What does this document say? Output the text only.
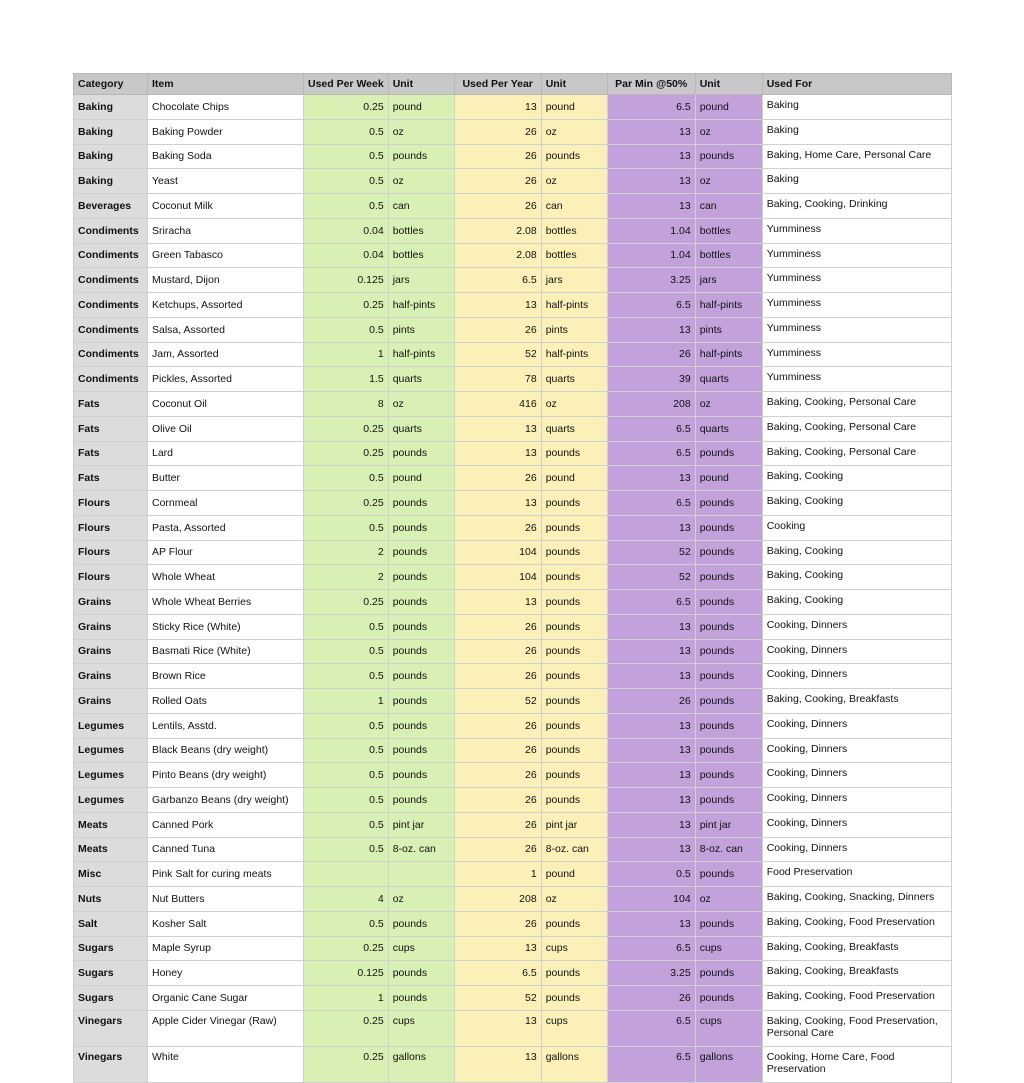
Category	Item	Used Per Week	Unit	Used Per Year	Unit	Par Min @50%	Unit	Used For
Baking	Chocolate Chips	0.25	pound	13	pound	6.5	pound	Baking
Baking	Baking Powder	0.5	oz	26	oz	13	oz	Baking
Baking	Baking Soda	0.5	pounds	26	pounds	13	pounds	Baking, Home Care, Personal Care
Baking	Yeast	0.5	oz	26	oz	13	oz	Baking
Beverages	Coconut Milk	0.5	can	26	can	13	can	Baking, Cooking, Drinking
Condiments	Sriracha	0.04	bottles	2.08	bottles	1.04	bottles	Yumminess
Condiments	Green Tabasco	0.04	bottles	2.08	bottles	1.04	bottles	Yumminess
Condiments	Mustard, Dijon	0.125	jars	6.5	jars	3.25	jars	Yumminess
Condiments	Ketchups, Assorted	0.25	half-pints	13	half-pints	6.5	half-pints	Yumminess
Condiments	Salsa, Assorted	0.5	pints	26	pints	13	pints	Yumminess
Condiments	Jam, Assorted	1	half-pints	52	half-pints	26	half-pints	Yumminess
Condiments	Pickles, Assorted	1.5	quarts	78	quarts	39	quarts	Yumminess
Fats	Coconut Oil	8	oz	416	oz	208	oz	Baking, Cooking, Personal Care
Fats	Olive Oil	0.25	quarts	13	quarts	6.5	quarts	Baking, Cooking, Personal Care
Fats	Lard	0.25	pounds	13	pounds	6.5	pounds	Baking, Cooking, Personal Care
Fats	Butter	0.5	pound	26	pound	13	pound	Baking, Cooking
Flours	Cornmeal	0.25	pounds	13	pounds	6.5	pounds	Baking, Cooking
Flours	Pasta, Assorted	0.5	pounds	26	pounds	13	pounds	Cooking
Flours	AP Flour	2	pounds	104	pounds	52	pounds	Baking, Cooking
Flours	Whole Wheat	2	pounds	104	pounds	52	pounds	Baking, Cooking
Grains	Whole Wheat Berries	0.25	pounds	13	pounds	6.5	pounds	Baking, Cooking
Grains	Sticky Rice (White)	0.5	pounds	26	pounds	13	pounds	Cooking, Dinners
Grains	Basmati Rice (White)	0.5	pounds	26	pounds	13	pounds	Cooking, Dinners
Grains	Brown Rice	0.5	pounds	26	pounds	13	pounds	Cooking, Dinners
Grains	Rolled Oats	1	pounds	52	pounds	26	pounds	Baking, Cooking, Breakfasts
Legumes	Lentils, Asstd.	0.5	pounds	26	pounds	13	pounds	Cooking, Dinners
Legumes	Black Beans (dry weight)	0.5	pounds	26	pounds	13	pounds	Cooking, Dinners
Legumes	Pinto Beans (dry weight)	0.5	pounds	26	pounds	13	pounds	Cooking, Dinners
Legumes	Garbanzo Beans (dry weight)	0.5	pounds	26	pounds	13	pounds	Cooking, Dinners
Meats	Canned Pork	0.5	pint jar	26	pint jar	13	pint jar	Cooking, Dinners
Meats	Canned Tuna	0.5	8-oz. can	26	8-oz. can	13	8-oz. can	Cooking, Dinners
Misc	Pink Salt for curing meats			1	pound	0.5	pounds	Food Preservation
Nuts	Nut Butters	4	oz	208	oz	104	oz	Baking, Cooking, Snacking, Dinners
Salt	Kosher Salt	0.5	pounds	26	pounds	13	pounds	Baking, Cooking, Food Preservation
Sugars	Maple Syrup	0.25	cups	13	cups	6.5	cups	Baking, Cooking, Breakfasts
Sugars	Honey	0.125	pounds	6.5	pounds	3.25	pounds	Baking, Cooking, Breakfasts
Sugars	Organic Cane Sugar	1	pounds	52	pounds	26	pounds	Baking, Cooking, Food Preservation
Vinegars	Apple Cider Vinegar (Raw)	0.25	cups	13	cups	6.5	cups	Baking, Cooking, Food Preservation, Personal Care
Vinegars	White	0.25	gallons	13	gallons	6.5	gallons	Cooking, Home Care, Food Preservation
